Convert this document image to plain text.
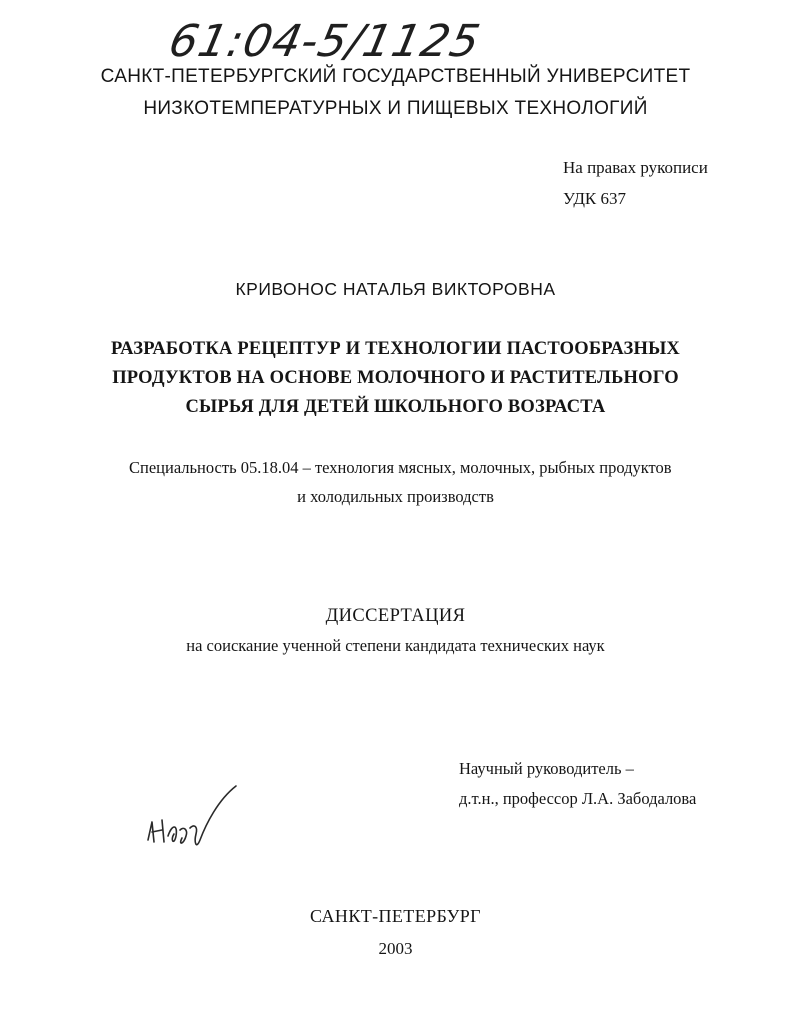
61:04-5/1125
САНКТ-ПЕТЕРБУРГСКИЙ ГОСУДАРСТВЕННЫЙ УНИВЕРСИТЕТ
НИЗКОТЕМПЕРАТУРНЫХ И ПИЩЕВЫХ ТЕХНОЛОГИЙ
На правах рукописи
УДК 637
КРИВОНОС НАТАЛЬЯ ВИКТОРОВНА
РАЗРАБОТКА РЕЦЕПТУР И ТЕХНОЛОГИИ ПАСТООБРАЗНЫХ
ПРОДУКТОВ НА ОСНОВЕ МОЛОЧНОГО И РАСТИТЕЛЬНОГО
СЫРЬЯ ДЛЯ ДЕТЕЙ ШКОЛЬНОГО ВОЗРАСТА
Специальность 05.18.04 – технология мясных, молочных, рыбных продуктов
и холодильных производств
ДИССЕРТАЦИЯ
на соискание ученной степени кандидата технических наук
Научный руководитель –
д.т.н., профессор Л.А. Забодалова
САНКТ-ПЕТЕРБУРГ
2003
